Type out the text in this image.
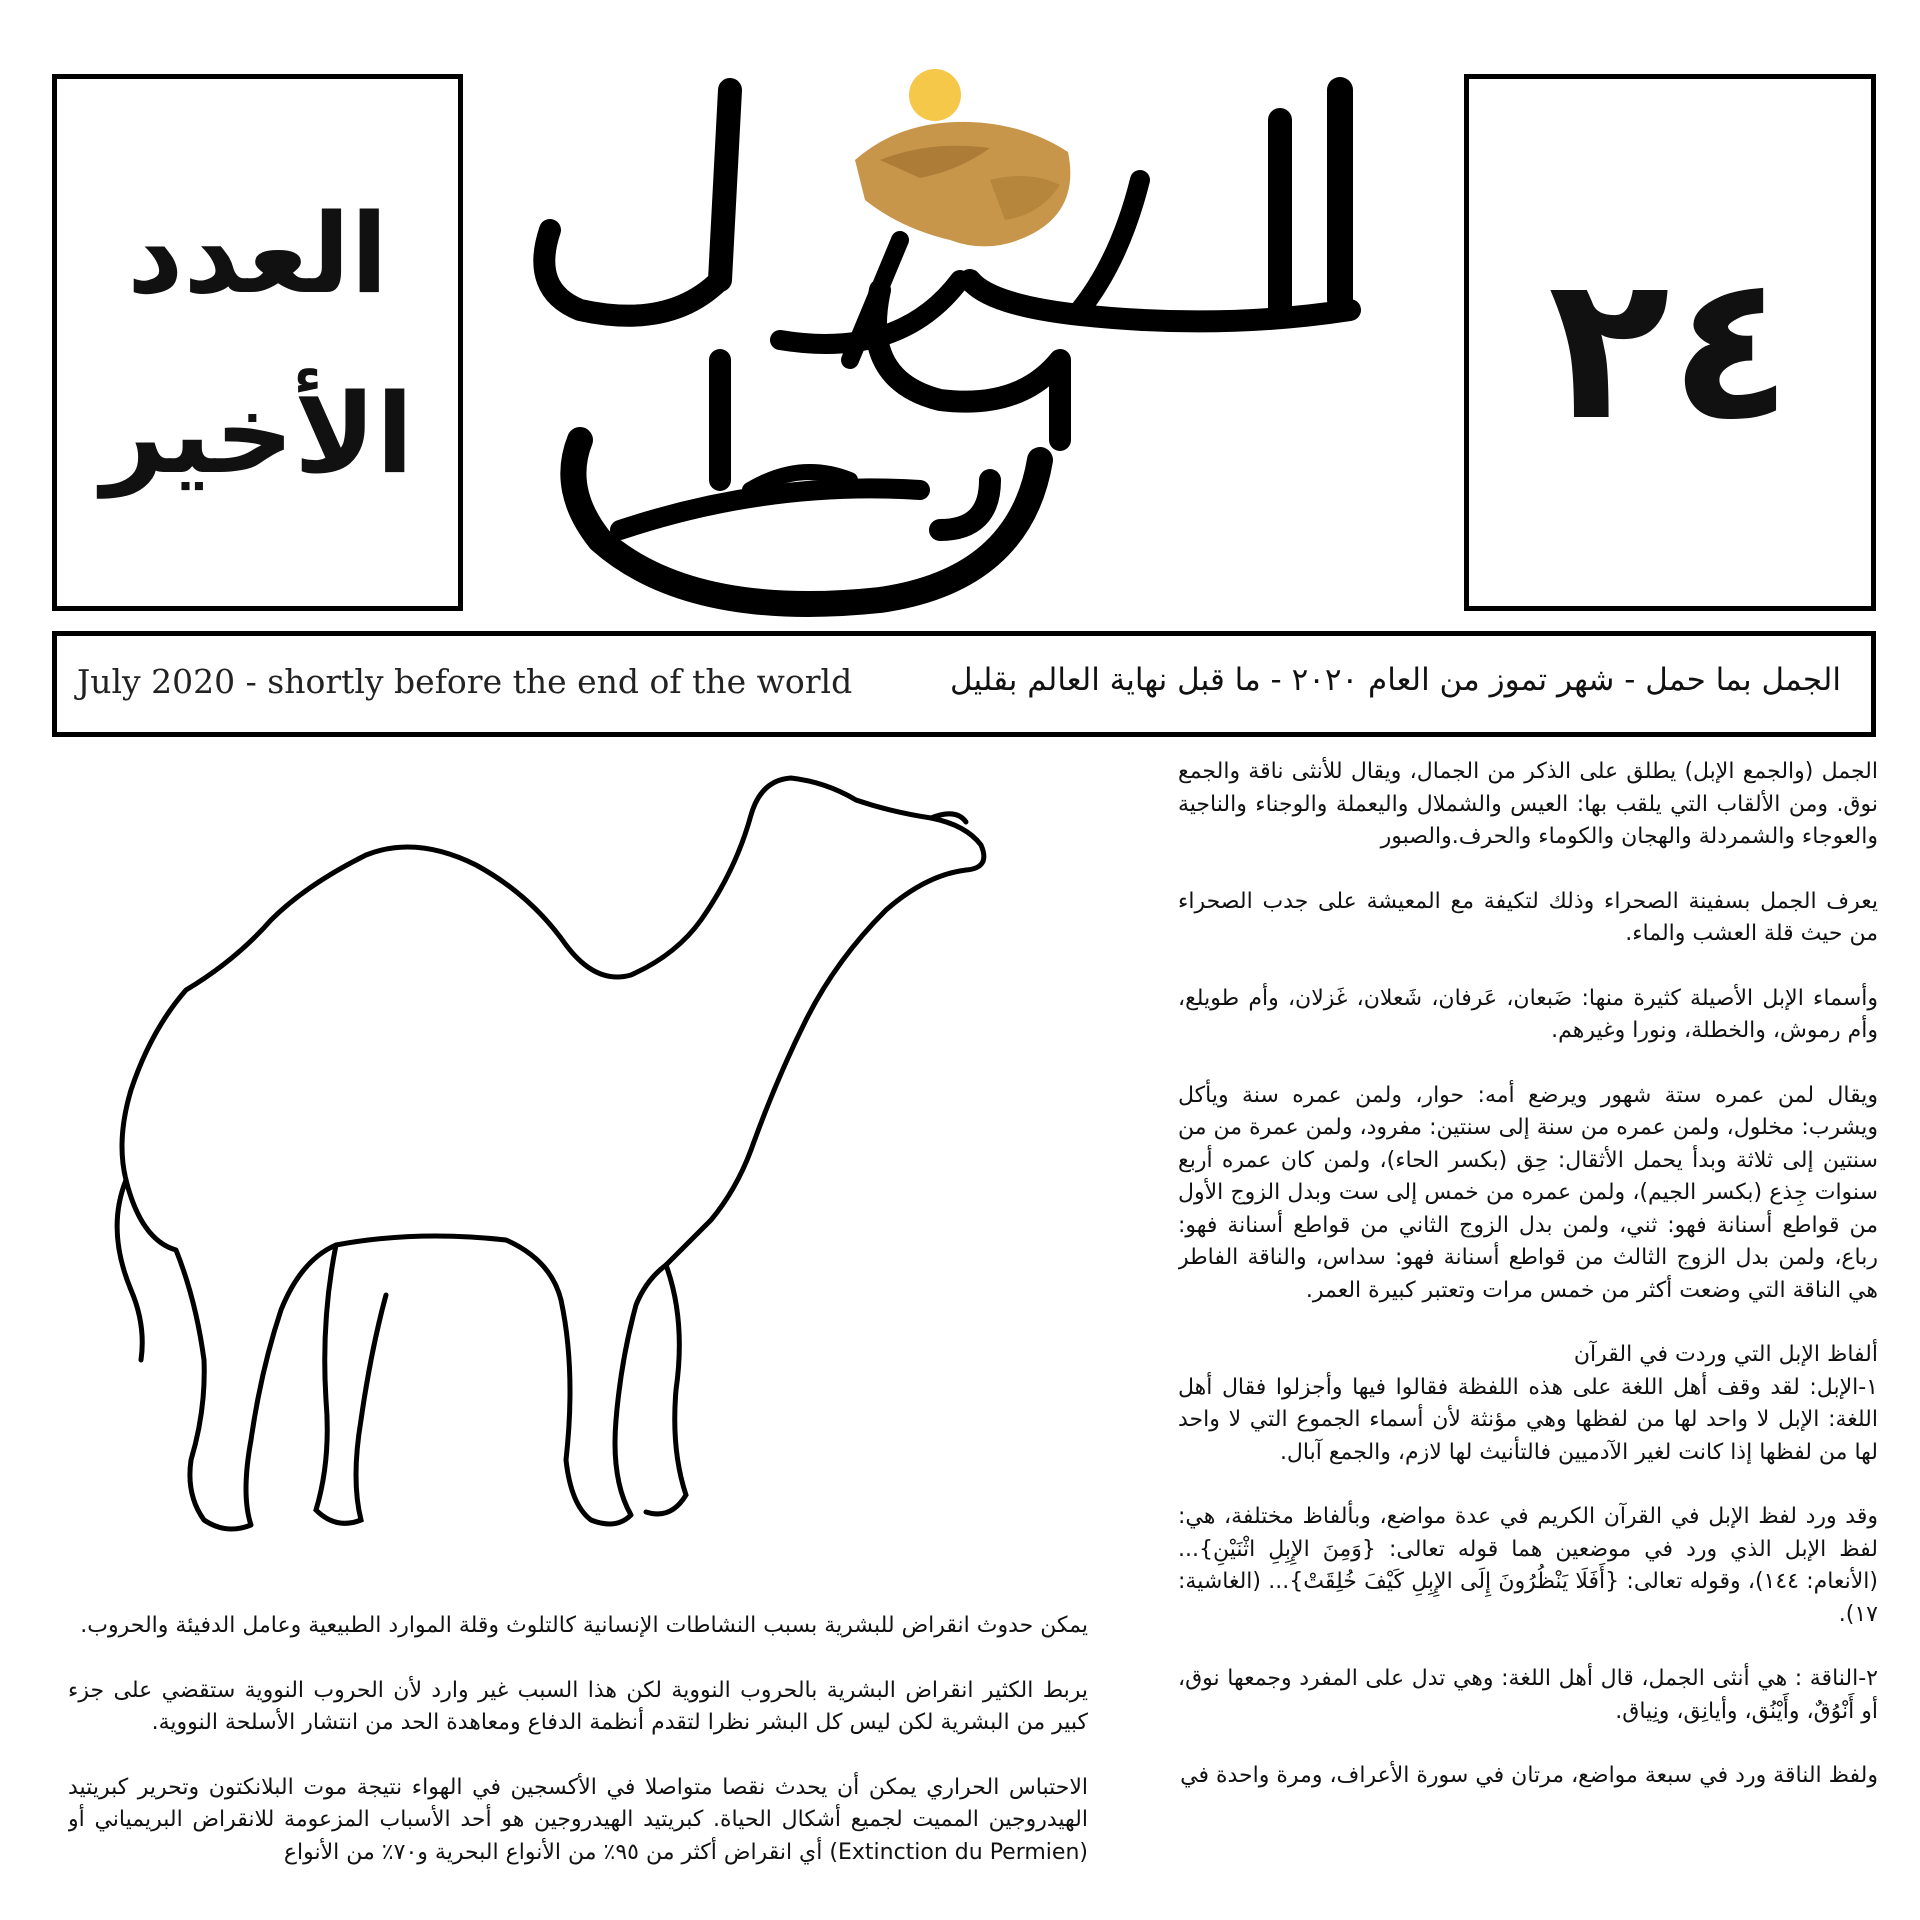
العدد
الأخير	٢٤
الجمل
July 2020 - shortly before the end of the world	الجمل بما حمل - شهر تموز من العام ٢٠٢٠ - ما قبل نهاية العالم بقليل

الجمل (والجمع الإبل) يطلق على الذكر من الجمال، ويقال للأنثى ناقة والجمع نوق. ومن الألقاب التي يلقب بها: العيس والشملال واليعملة والوجناء والناجية والعوجاء والشمردلة والهجان والكوماء والحرف.والصبور

يعرف الجمل بسفينة الصحراء وذلك لتكيفة مع المعيشة على جدب الصحراء من حيث قلة العشب والماء.

وأسماء الإبل الأصيلة كثيرة منها: ضَبعان، عَرفان، شَعلان، غَزلان، وأم طويلع، وأم رموش، والخطلة، ونورا وغيرهم.

ويقال لمن عمره ستة شهور ويرضع أمه: حوار، ولمن عمره سنة ويأكل ويشرب: مخلول، ولمن عمره من سنة إلى سنتين: مفرود، ولمن عمرة من من سنتين إلى ثلاثة وبدأ يحمل الأثقال: حِق (بكسر الحاء)، ولمن كان عمره أربع سنوات جِذع (بكسر الجيم)، ولمن عمره من خمس إلى ست وبدل الزوج الأول من قواطع أسنانة فهو: ثني، ولمن بدل الزوج الثاني من قواطع أسنانة فهو: رباع، ولمن بدل الزوج الثالث من قواطع أسنانة فهو: سداس، والناقة الفاطر هي الناقة التي وضعت أكثر من خمس مرات وتعتبر كبيرة العمر.

ألفاظ الإبل التي وردت في القرآن

١-الإبل: لقد وقف أهل اللغة على هذه اللفظة فقالوا فيها وأجزلوا فقال أهل اللغة: الإبل لا واحد لها من لفظها وهي مؤنثة لأن أسماء الجموع التي لا واحد لها من لفظها إذا كانت لغير الآدميين فالتأنيث لها لازم، والجمع آبال.

وقد ورد لفظ الإبل في القرآن الكريم في عدة مواضع، وبألفاظ مختلفة، هي: لفظ الإبل الذي ورد في موضعين هما قوله تعالى: {وَمِنَ الإِبِلِ اثْنَيْنِ}... (الأنعام: ١٤٤)، وقوله تعالى: {أَفَلَا يَنْظُرُونَ إِلَى الإِبِلِ كَيْفَ خُلِقَتْ}... (الغاشية: ١٧).

٢-الناقة : هي أنثى الجمل، قال أهل اللغة: وهي تدل على المفرد وجمعها نوق، أو أَنْوُقٌ، وأَيْنُق، وأيانِق، ونِياق.

ولفظ الناقة ورد في سبعة مواضع، مرتان في سورة الأعراف، ومرة واحدة في

يمكن حدوث انقراض للبشرية بسبب النشاطات الإنسانية كالتلوث وقلة الموارد الطبيعية وعامل الدفيئة والحروب.

يربط الكثير انقراض البشرية بالحروب النووية لكن هذا السبب غير وارد لأن الحروب النووية ستقضي على جزء كبير من البشرية لكن ليس كل البشر نظرا لتقدم أنظمة الدفاع ومعاهدة الحد من انتشار الأسلحة النووية.

الاحتباس الحراري يمكن أن يحدث نقصا متواصلا في الأكسجين في الهواء نتيجة موت البلانكتون وتحرير كبريتيد الهيدروجين المميت لجميع أشكال الحياة. كبريتيد الهيدروجين هو أحد الأسباب المزعومة للانقراض البريمياني أو (Extinction du Permien) أي انقراض أكثر من ٩٥٪ من الأنواع البحرية و٧٠٪ من الأنواع
